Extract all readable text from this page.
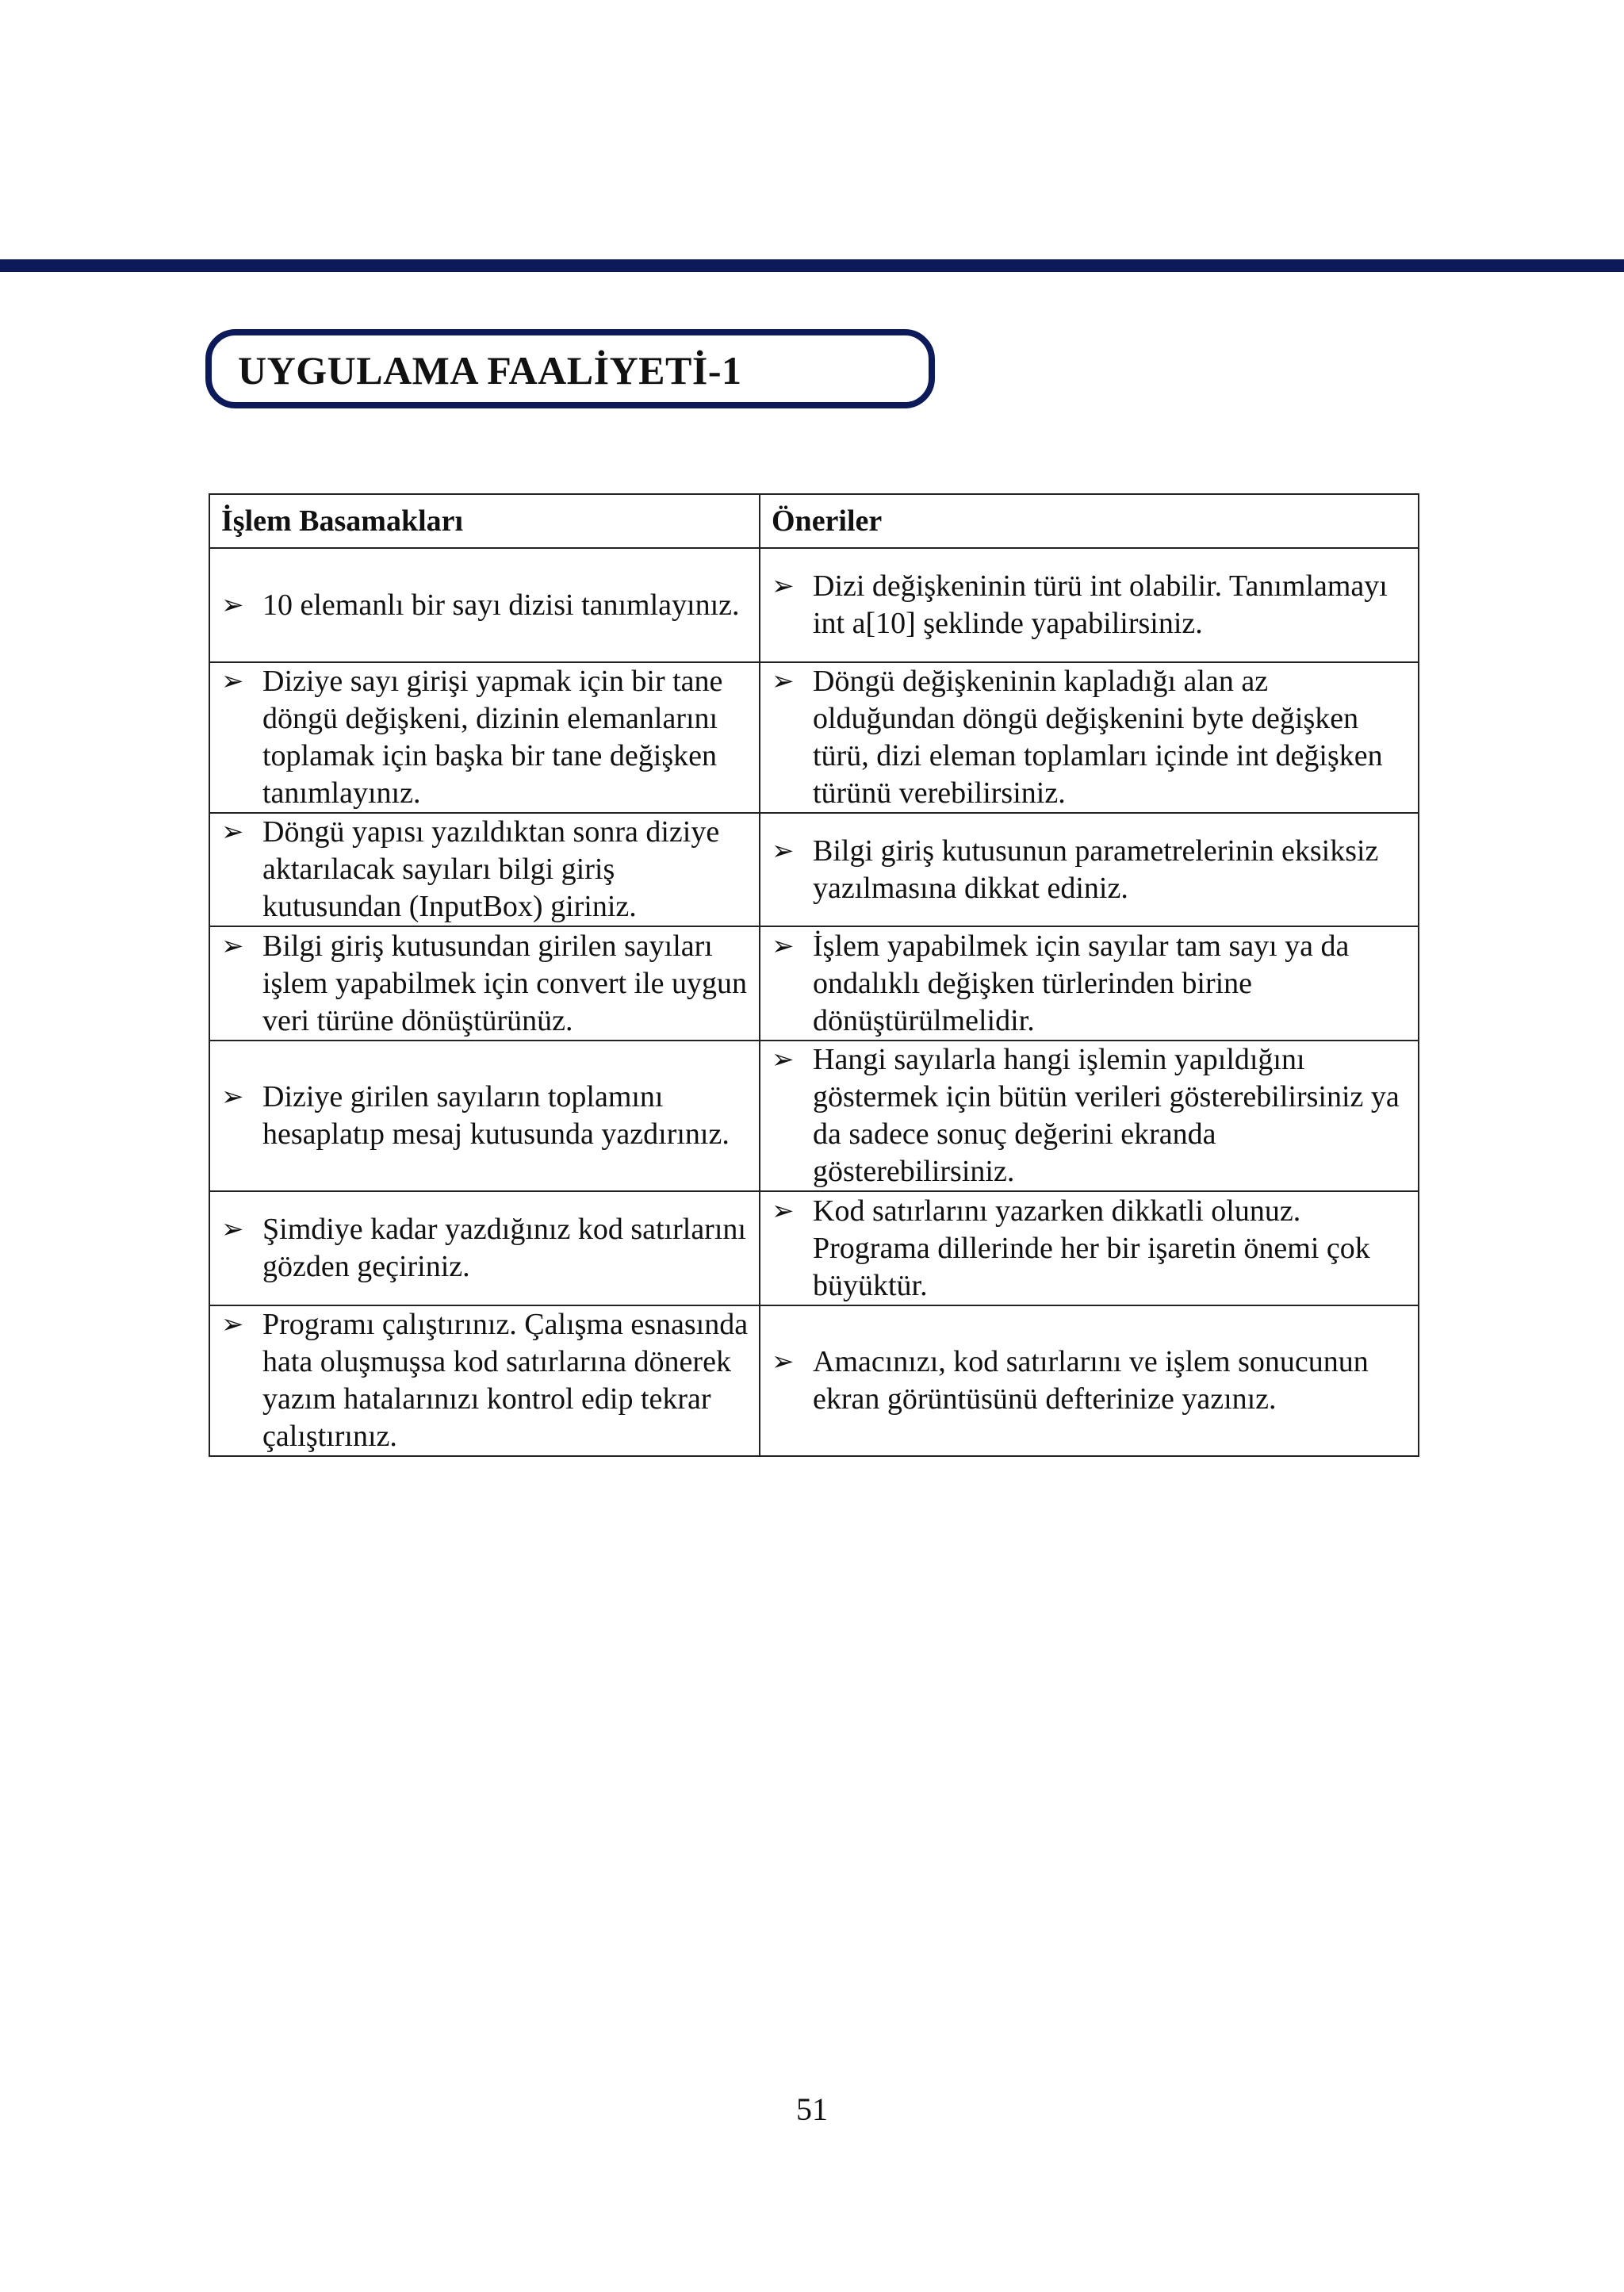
UYGULAMA FAALİYETİ-1
İşlem Basamakları	Öneriler

➢ 10 elemanlı bir sayı dizisi tanımlayınız.	➢ Dizi değişkeninin türü int olabilir. Tanımlamayı int a[10] şeklinde yapabilirsiniz.

➢ Diziye sayı girişi yapmak için bir tane döngü değişkeni, dizinin elemanlarını toplamak için başka bir tane değişken tanımlayınız.	➢ Döngü değişkeninin kapladığı alan az olduğundan döngü değişkenini byte değişken türü, dizi eleman toplamları içinde int değişken türünü verebilirsiniz.

➢ Döngü yapısı yazıldıktan sonra diziye aktarılacak sayıları bilgi giriş kutusundan (InputBox) giriniz.	➢ Bilgi giriş kutusunun parametrelerinin eksiksiz yazılmasına dikkat ediniz.

➢ Bilgi giriş kutusundan girilen sayıları işlem yapabilmek için convert ile uygun veri türüne dönüştürünüz.	➢ İşlem yapabilmek için sayılar tam sayı ya da ondalıklı değişken türlerinden birine dönüştürülmelidir.

➢ Diziye girilen sayıların toplamını hesaplatıp mesaj kutusunda yazdırınız.	➢ Hangi sayılarla hangi işlemin yapıldığını göstermek için bütün verileri gösterebilirsiniz ya da sadece sonuç değerini ekranda gösterebilirsiniz.

➢ Şimdiye kadar yazdığınız kod satırlarını gözden geçiriniz.	➢ Kod satırlarını yazarken dikkatli olunuz. Programa dillerinde her bir işaretin önemi çok büyüktür.

➢ Programı çalıştırınız. Çalışma esnasında hata oluşmuşsa kod satırlarına dönerek yazım hatalarınızı kontrol edip tekrar çalıştırınız.	➢ Amacınızı, kod satırlarını ve işlem sonucunun ekran görüntüsünü defterinize yazınız.
51
